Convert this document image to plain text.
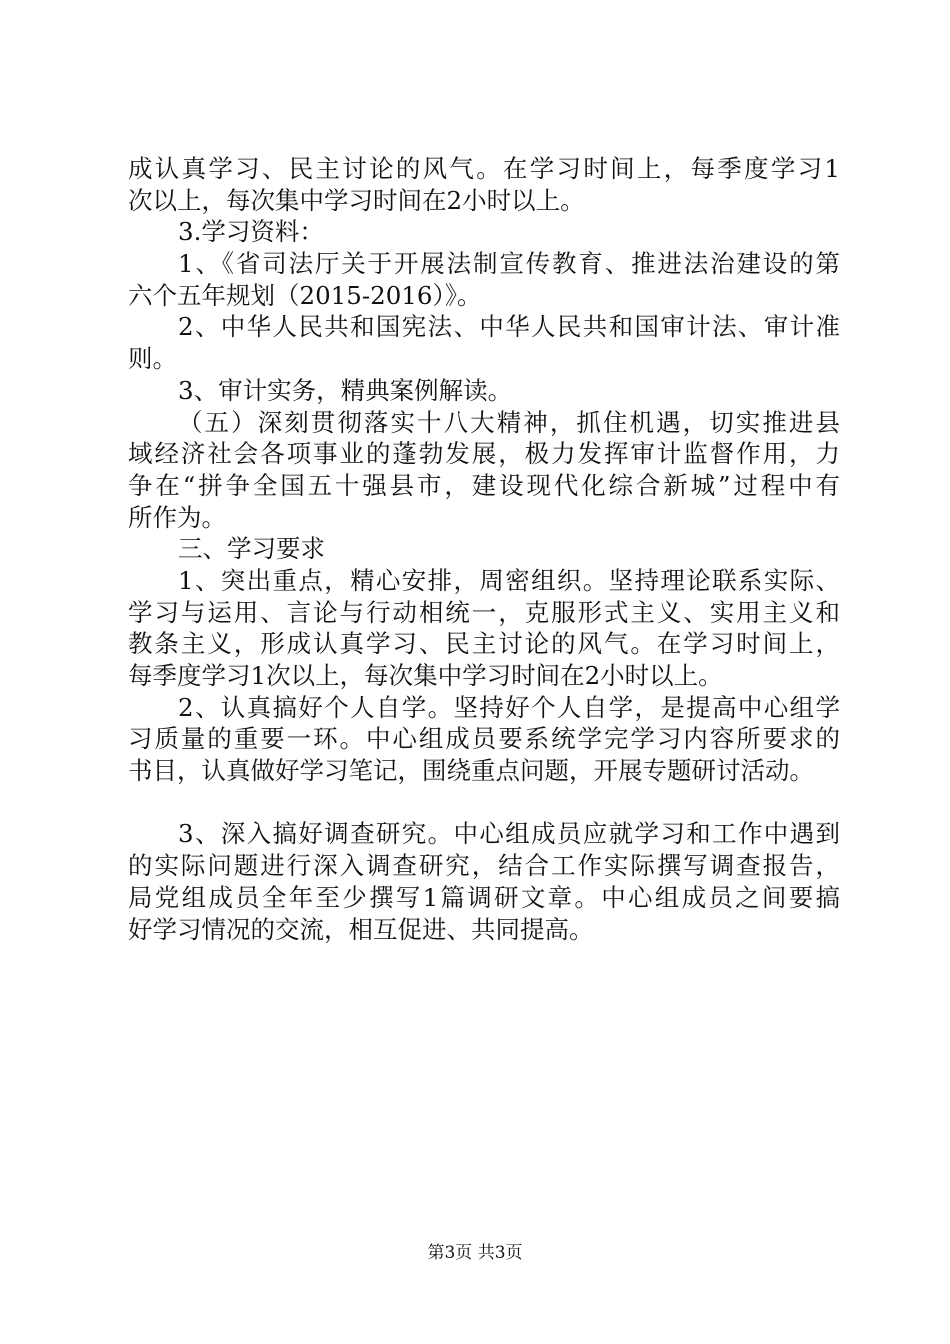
成认真学习、民主讨论的风气。在学习时间上，每季度学习1
次以上，每次集中学习时间在2小时以上。
3.学习资料：
1、《省司法厅关于开展法制宣传教育、推进法治建设的第
六个五年规划（2015-2016）》。
2、中华人民共和国宪法、中华人民共和国审计法、审计准
则。
3、审计实务，精典案例解读。
（五）深刻贯彻落实十八大精神，抓住机遇，切实推进县
域经济社会各项事业的蓬勃发展，极力发挥审计监督作用，力
争在“拼争全国五十强县市，建设现代化综合新城”过程中有
所作为。
三、学习要求
1、突出重点，精心安排，周密组织。坚持理论联系实际、
学习与运用、言论与行动相统一，克服形式主义、实用主义和
教条主义，形成认真学习、民主讨论的风气。在学习时间上，
每季度学习1次以上，每次集中学习时间在2小时以上。
2、认真搞好个人自学。坚持好个人自学，是提高中心组学
习质量的重要一环。中心组成员要系统学完学习内容所要求的
书目，认真做好学习笔记，围绕重点问题，开展专题研讨活动。
3、深入搞好调查研究。中心组成员应就学习和工作中遇到
的实际问题进行深入调查研究，结合工作实际撰写调查报告，
局党组成员全年至少撰写1篇调研文章。中心组成员之间要搞
好学习情况的交流，相互促进、共同提高。
第3页 共3页
